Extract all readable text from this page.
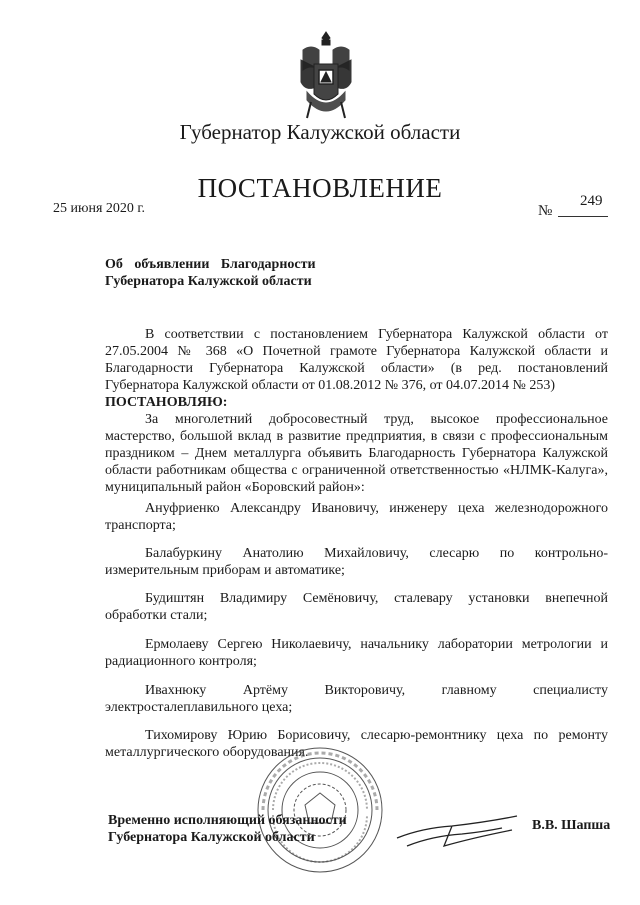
Губернатор Калужской области
ПОСТАНОВЛЕНИЕ
25 июня 2020 г.	№
249
Об объявлении Благодарности
Губернатора Калужской области

В соответствии с постановлением Губернатора Калужской области от 27.05.2004 № 368 «О Почетной грамоте Губернатора Калужской области и Благодарности Губернатора Калужской области» (в ред. постановлений Губернатора Калужской области от 01.08.2012 № 376, от 04.07.2014 № 253)

ПОСТАНОВЛЯЮ:

За многолетний добросовестный труд, высокое профессиональное мастерство, большой вклад в развитие предприятия, в связи с профессиональным праздником – Днем металлурга объявить Благодарность Губернатора Калужской области работникам общества с ограниченной ответственностью «НЛМК-Калуга», муниципальный район «Боровский район»:

Ануфриенко Александру Ивановичу, инженеру цеха железнодорожного транспорта;
Балабуркину Анатолию Михайловичу, слесарю по контрольно-измерительным приборам и автоматике;
Будиштян Владимиру Семёновичу, сталевару установки внепечной обработки стали;
Ермолаеву Сергею Николаевичу, начальнику лаборатории метрологии и радиационного контроля;
Ивахнюку Артёму Викторовичу, главному специалисту электросталеплавильного цеха;
Тихомирову Юрию Борисовичу, слесарю-ремонтнику цеха по ремонту металлургического оборудования.
Временно исполняющий обязанности
Губернатора Калужской области
В.В. Шапша
